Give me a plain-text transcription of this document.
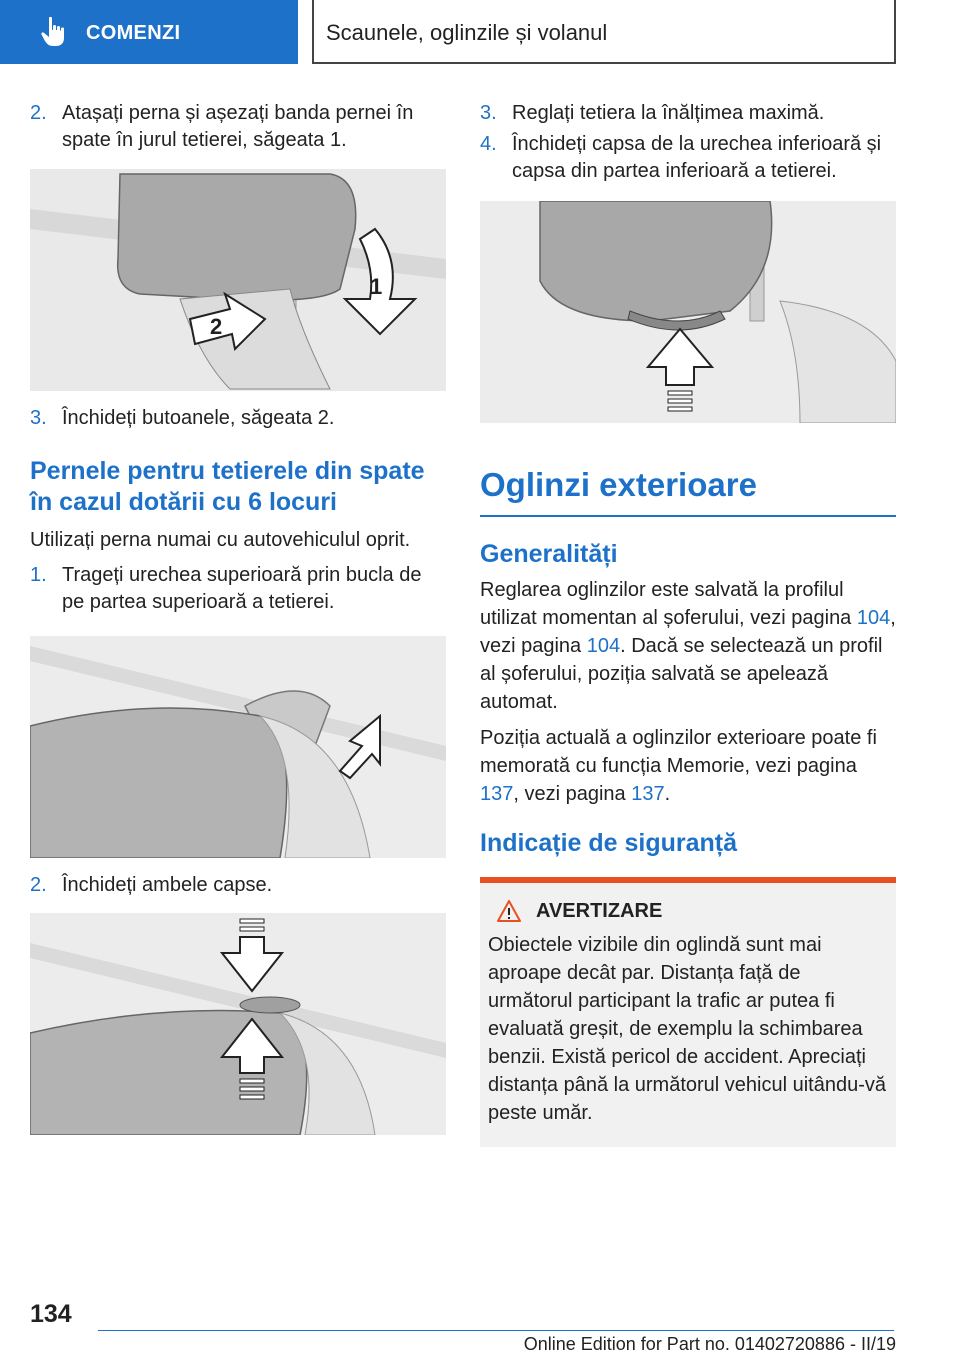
COMENZI	Scaunele, oglinzile și volanul
2. Atașați perna și așezați banda pernei în spate în jurul tetierei, săgeata 1.
1
2
3. Închideți butoanele, săgeata 2.
Pernele pentru tetierele din spate în cazul dotării cu 6 locuri
Utilizați perna numai cu autovehiculul oprit.
1. Trageți urechea superioară prin bucla de pe partea superioară a tetierei.
2. Închideți ambele capse.
3. Reglați tetiera la înălțimea maximă.
4. Închideți capsa de la urechea inferioară și capsa din partea inferioară a tetierei.
Oglinzi exterioare
Generalități

Reglarea oglinzilor este salvată la profilul utilizat momentan al șoferului, vezi pagina 104, vezi pagina 104. Dacă se selectează un profil al șoferului, poziția salvată se apelează automat.

Poziția actuală a oglinzilor exterioare poate fi memorată cu funcția Memorie, vezi pagina 137, vezi pagina 137.

Indicație de siguranță
AVERTIZARE
Obiectele vizibile din oglindă sunt mai aproape decât par. Distanța față de următorul participant la trafic ar putea fi evaluată greșit, de exemplu la schimbarea benzii. Există pericol de accident. Apreciați distanța până la următorul vehicul uitându-vă peste umăr.
134
Online Edition for Part no. 01402720886 - II/19
